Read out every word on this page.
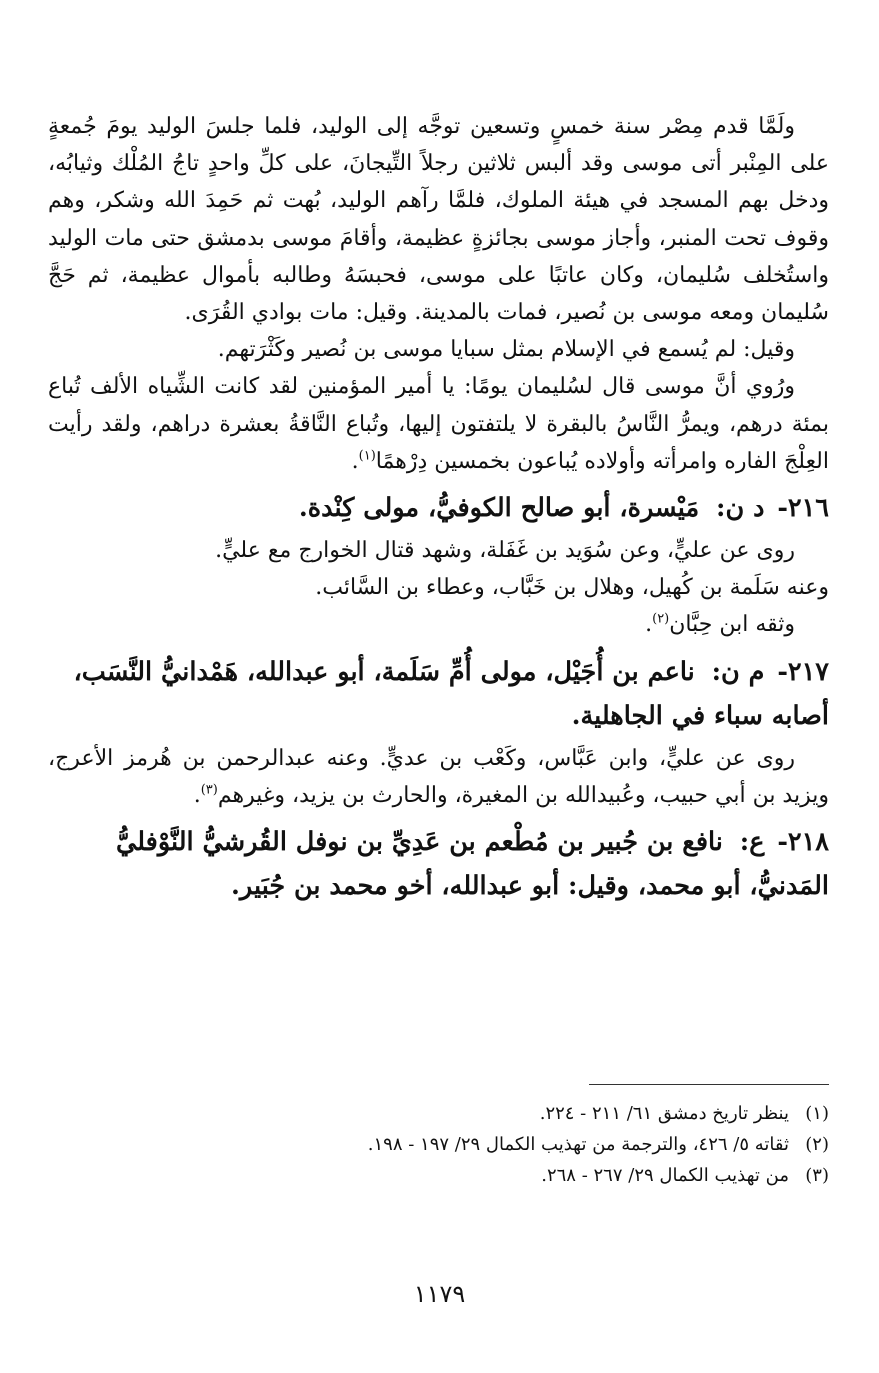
ولَمَّا قدم مِصْر سنة خمسٍ وتسعين توجَّه إلى الوليد، فلما جلسَ الوليد يومَ جُمعةٍ على المِنْبر أتى موسى وقد ألبس ثلاثين رجلاً التِّيجانَ، على كلِّ واحدٍ تاجُ المُلْك وثيابُه، ودخل بهم المسجد في هيئة الملوك، فلمَّا رآهم الوليد، بُهت ثم حَمِدَ الله وشكر، وهم وقوف تحت المنبر، وأجاز موسى بجائزةٍ عظيمة، وأقامَ موسى بدمشق حتى مات الوليد واستُخلف سُليمان، وكان عاتبًا على موسى، فحبسَهُ وطالبه بأموال عظيمة، ثم حَجَّ سُليمان ومعه موسى بن نُصير، فمات بالمدينة. وقيل: مات بوادي القُرَى.

وقيل: لم يُسمع في الإسلام بمثل سبايا موسى بن نُصير وكَثْرَتهم.

ورُوي أنَّ موسى قال لسُليمان يومًا: يا أمير المؤمنين لقد كانت الشِّياه الألف تُباع بمئة درهم، ويمرُّ النَّاسُ بالبقرة لا يلتفتون إليها، وتُباع النَّاقةُ بعشرة دراهم، ولقد رأيت العِلْجَ الفاره وامرأته وأولاده يُباعون بخمسين دِرْهمًا$^{(١)}$.

٢١٦- د ن: مَيْسرة، أبو صالح الكوفيُّ، مولى كِنْدة.

روى عن عليٍّ، وعن سُوَيد بن غَفَلة، وشهد قتال الخوارج مع عليٍّ.

وعنه سَلَمة بن كُهيل، وهلال بن خَبَّاب، وعطاء بن السَّائب.

وثقه ابن حِبَّان$^{(٢)}$.

٢١٧- م ن: ناعم بن أُجَيْل، مولى أُمِّ سَلَمة، أبو عبدالله، هَمْدانيُّ النَّسَب، أصابه سباء في الجاهلية.

روى عن عليٍّ، وابن عَبَّاس، وكَعْب بن عديٍّ. وعنه عبدالرحمن بن هُرمز الأعرج، ويزيد بن أبي حبيب، وعُبيدالله بن المغيرة، والحارث بن يزيد، وغيرهم$^{(٣)}$.

٢١٨- ع: نافع بن جُبير بن مُطْعم بن عَدِيِّ بن نوفل القُرشيُّ النَّوْفليُّ المَدنيُّ، أبو محمد، وقيل: أبو عبدالله، أخو محمد بن جُبَير.

(١)ينظر تاريخ دمشق ٦١/ ٢١١ - ٢٢٤.

(٢)ثقاته ٥/ ٤٢٦، والترجمة من تهذيب الكمال ٢٩/ ١٩٧ - ١٩٨.

(٣)من تهذيب الكمال ٢٩/ ٢٦٧ - ٢٦٨.

١١٧٩
